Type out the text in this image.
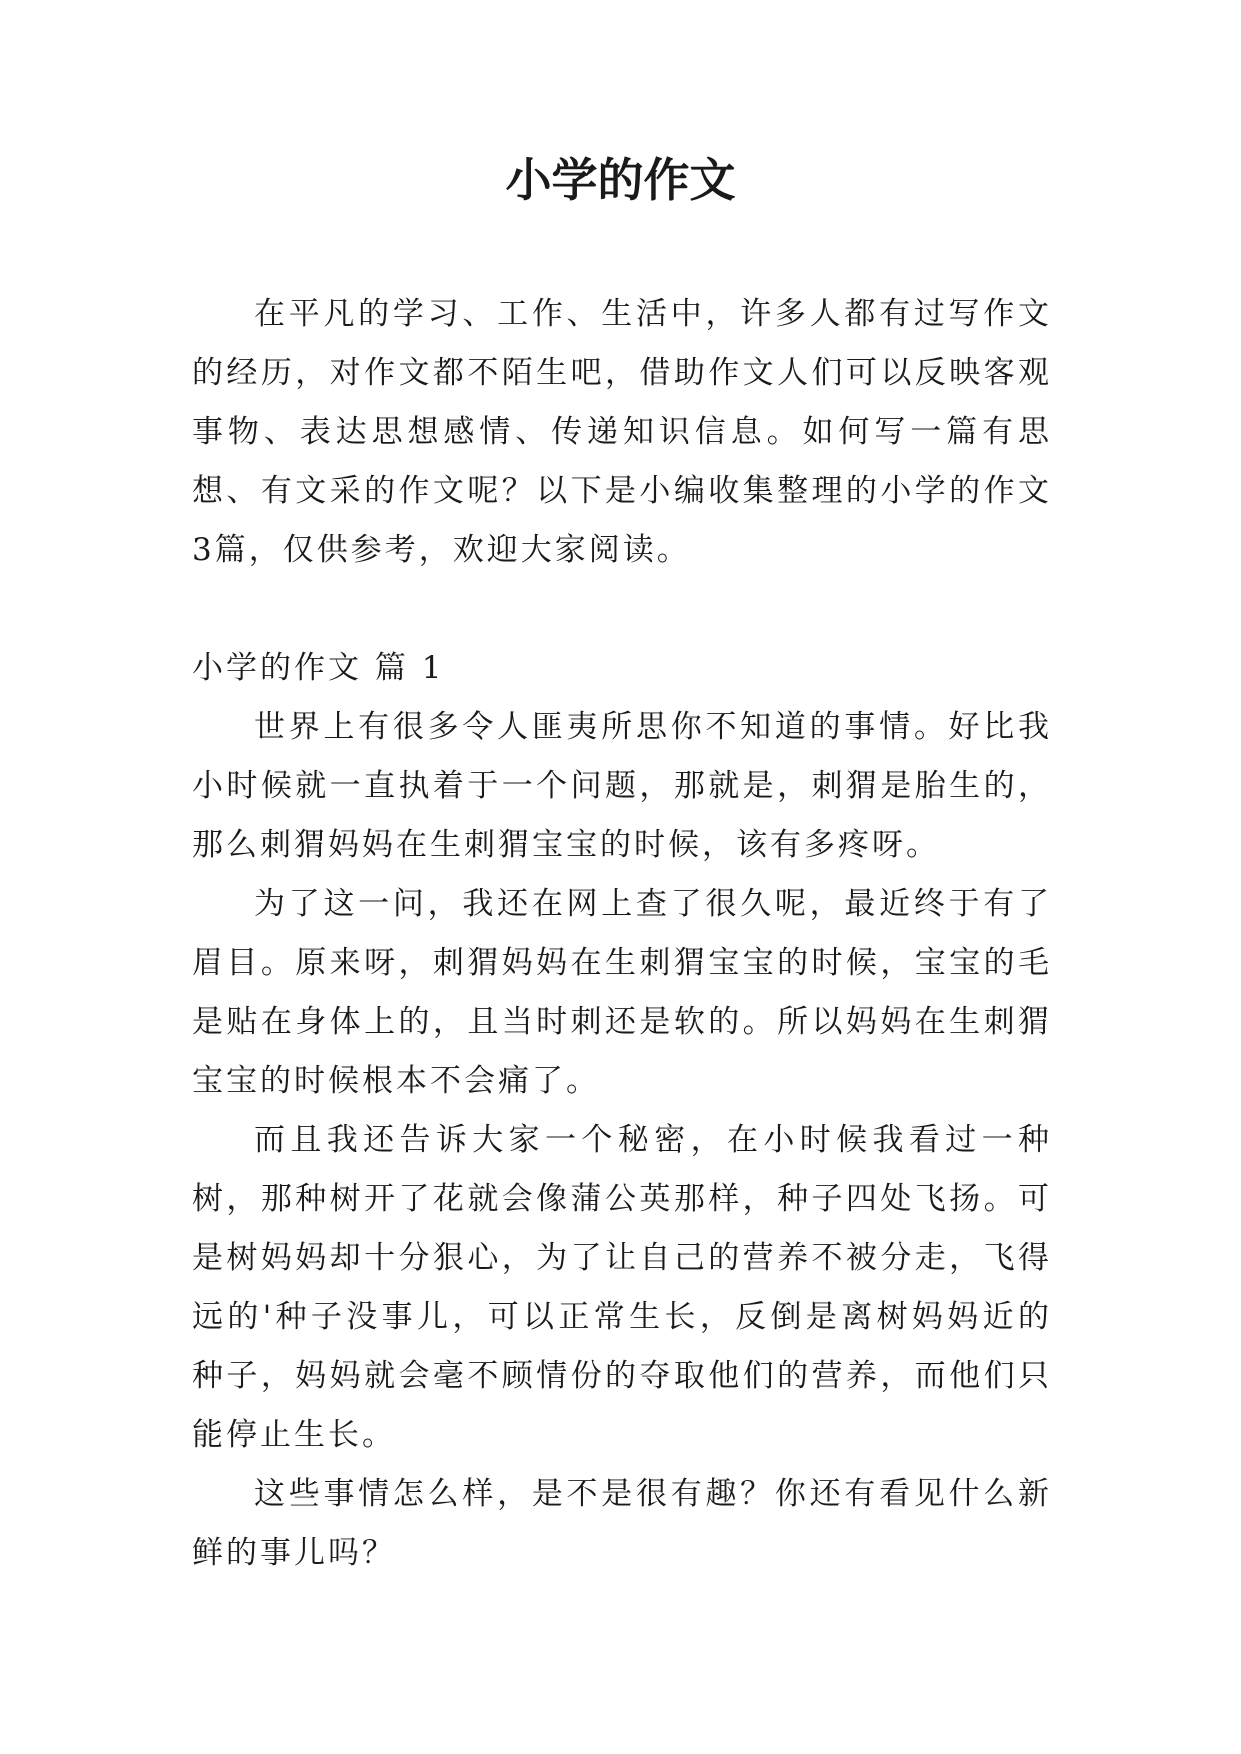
小学的作文

在平凡的学习、工作、生活中，许多人都有过写作文的经历，对作文都不陌生吧，借助作文人们可以反映客观事物、表达思想感情、传递知识信息。如何写一篇有思想、有文采的作文呢？以下是小编收集整理的小学的作文3篇，仅供参考，欢迎大家阅读。

小学的作文 篇 1

世界上有很多令人匪夷所思你不知道的事情。好比我小时候就一直执着于一个问题，那就是，刺猬是胎生的，那么刺猬妈妈在生刺猬宝宝的时候，该有多疼呀。

为了这一问，我还在网上查了很久呢，最近终于有了眉目。原来呀，刺猬妈妈在生刺猬宝宝的时候，宝宝的毛是贴在身体上的，且当时刺还是软的。所以妈妈在生刺猬宝宝的时候根本不会痛了。

而且我还告诉大家一个秘密，在小时候我看过一种树，那种树开了花就会像蒲公英那样，种子四处飞扬。可是树妈妈却十分狠心，为了让自己的营养不被分走，飞得远的'种子没事儿，可以正常生长，反倒是离树妈妈近的种子，妈妈就会毫不顾情份的夺取他们的营养，而他们只能停止生长。

这些事情怎么样，是不是很有趣？你还有看见什么新鲜的事儿吗？
